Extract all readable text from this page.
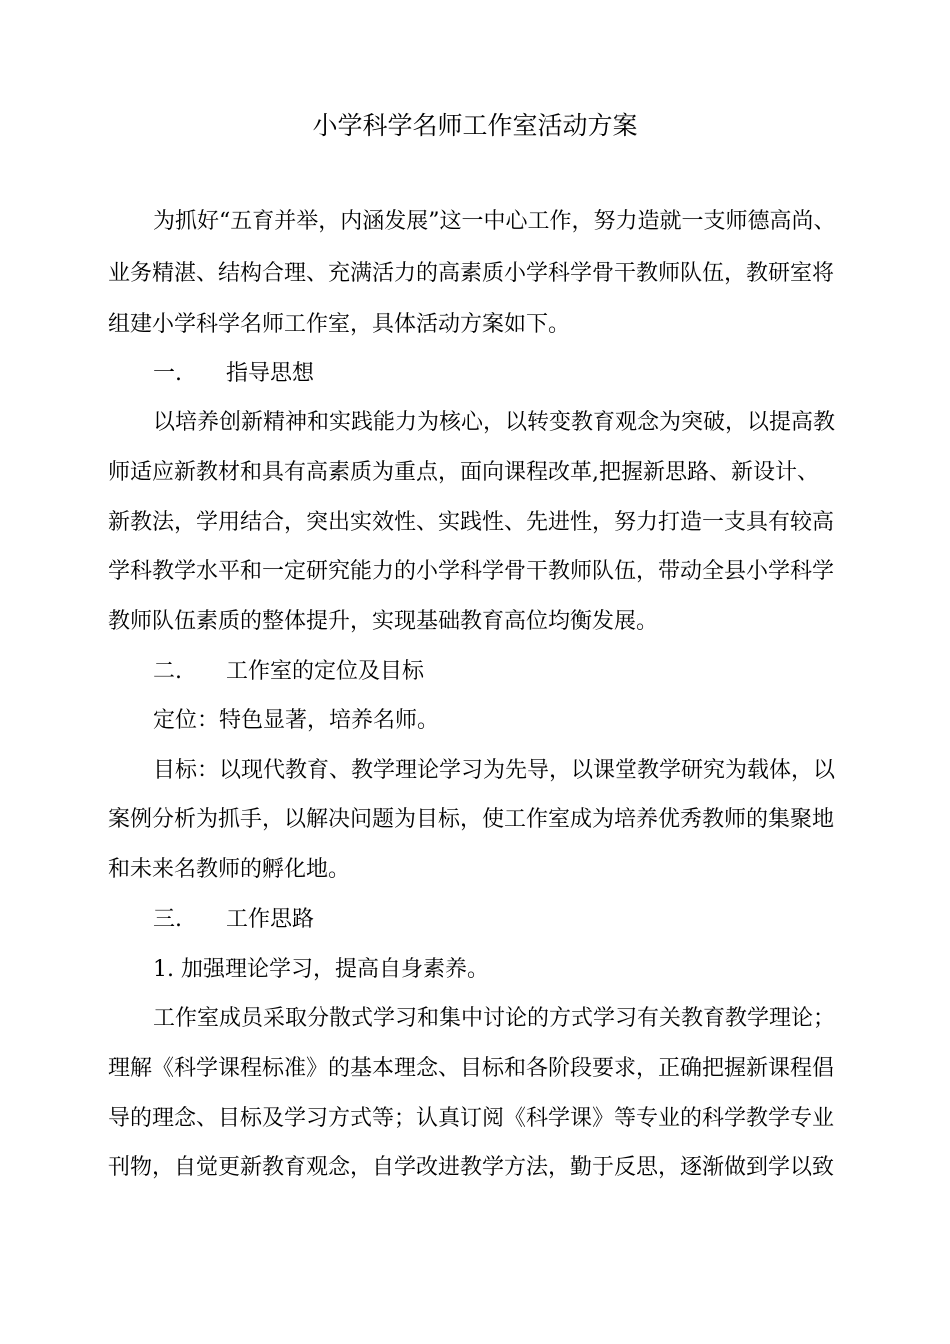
小学科学名师工作室活动方案
为抓好“五育并举，内涵发展”这一中心工作，努力造就一支师德高尚、
业务精湛、结构合理、充满活力的高素质小学科学骨干教师队伍，教研室将
组建小学科学名师工作室，具体活动方案如下。
一. 指导思想
以培养创新精神和实践能力为核心，以转变教育观念为突破，以提高教
师适应新教材和具有高素质为重点，面向课程改革,把握新思路、新设计、
新教法，学用结合，突出实效性、实践性、先进性，努力打造一支具有较高
学科教学水平和一定研究能力的小学科学骨干教师队伍，带动全县小学科学
教师队伍素质的整体提升，实现基础教育高位均衡发展。
二. 工作室的定位及目标
定位：特色显著，培养名师。
目标：以现代教育、教学理论学习为先导，以课堂教学研究为载体，以
案例分析为抓手，以解决问题为目标，使工作室成为培养优秀教师的集聚地
和未来名教师的孵化地。
三. 工作思路
1. 加强理论学习，提高自身素养。
工作室成员采取分散式学习和集中讨论的方式学习有关教育教学理论；
理解《科学课程标准》的基本理念、目标和各阶段要求，正确把握新课程倡
导的理念、目标及学习方式等；认真订阅《科学课》等专业的科学教学专业
刊物，自觉更新教育观念，自学改进教学方法，勤于反思，逐渐做到学以致
